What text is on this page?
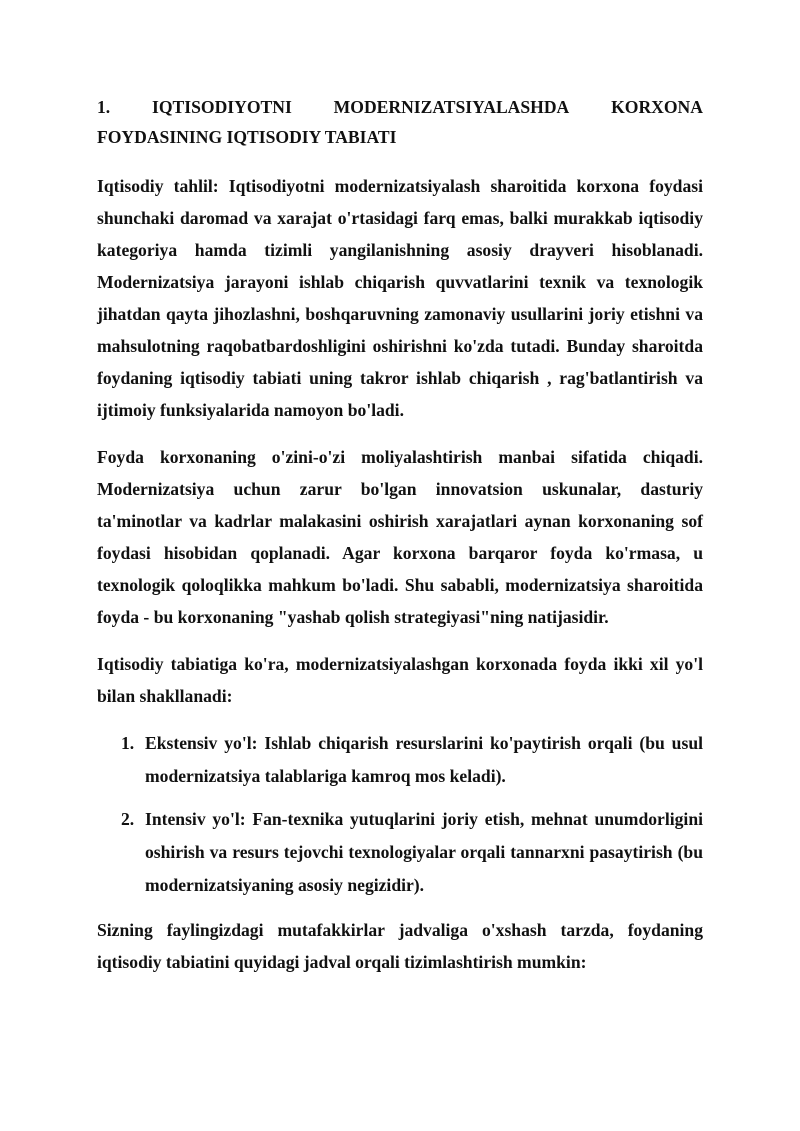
1. IQTISODIYOTNI MODERNIZATSIYALASHDA KORXONA
FOYDASINING IQTISODIY TABIATI

Iqtisodiy tahlil: Iqtisodiyotni modernizatsiyalash sharoitida korxona foydasi shunchaki daromad va xarajat o'rtasidagi farq emas, balki murakkab iqtisodiy kategoriya hamda tizimli yangilanishning asosiy drayveri hisoblanadi. Modernizatsiya jarayoni ishlab chiqarish quvvatlarini texnik va texnologik jihatdan qayta jihozlashni, boshqaruvning zamonaviy usullarini joriy etishni va mahsulotning raqobatbardoshligini oshirishni ko'zda tutadi. Bunday sharoitda foydaning iqtisodiy tabiati uning takror ishlab chiqarish , rag'batlantirish va ijtimoiy funksiyalarida namoyon bo'ladi.

Foyda korxonaning o'zini-o'zi moliyalashtirish manbai sifatida chiqadi. Modernizatsiya uchun zarur bo'lgan innovatsion uskunalar, dasturiy ta'minotlar va kadrlar malakasini oshirish xarajatlari aynan korxonaning sof foydasi hisobidan qoplanadi. Agar korxona barqaror foyda ko'rmasa, u texnologik qoloqlikka mahkum bo'ladi. Shu sababli, modernizatsiya sharoitida foyda - bu korxonaning "yashab qolish strategiyasi"ning natijasidir.

Iqtisodiy tabiatiga ko'ra, modernizatsiyalashgan korxonada foyda ikki xil yo'l bilan shakllanadi:

1. Ekstensiv yo'l: Ishlab chiqarish resurslarini ko'paytirish orqali (bu usul modernizatsiya talablariga kamroq mos keladi).
2. Intensiv yo'l: Fan-texnika yutuqlarini joriy etish, mehnat unumdorligini oshirish va resurs tejovchi texnologiyalar orqali tannarxni pasaytirish (bu modernizatsiyaning asosiy negizidir).

Sizning faylingizdagi mutafakkirlar jadvaliga o'xshash tarzda, foydaning iqtisodiy tabiatini quyidagi jadval orqali tizimlashtirish mumkin:
